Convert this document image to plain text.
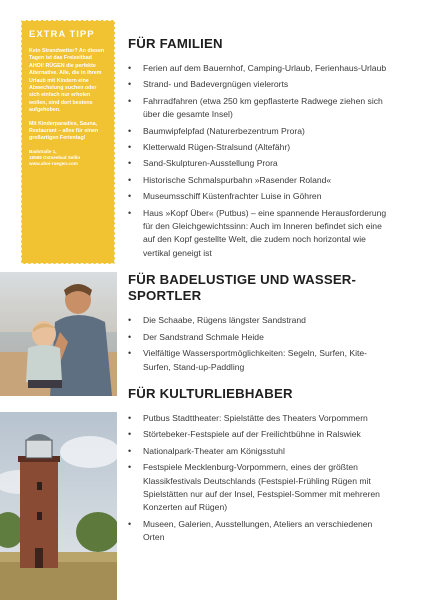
EXTRA TIPP

Kein Strandwetter? An diesen Tagen ist das Freizeitbad AHOI! RÜGEN die perfekte Alternative. Alle, die in ihrem Urlaub mit Kindern eine Abwechslung suchen oder sich einfach nur erholen wollen, sind dort bestens aufgehoben.

Mit Kinderparadies, Sauna, Restaurant – alles für einen großartigen Ferientag!

Badstraße 1,
18586 Ostseebad Sellin
www.ahoi-ruegen.com
FÜR FAMILIEN
• Ferien auf dem Bauernhof, Camping-Urlaub, Ferienhaus-Urlaub
• Strand- und Badevergnügen vielerorts
• Fahrradfahren (etwa 250 km gepflasterte Radwege ziehen sich über die gesamte Insel)
• Baumwipfelpfad (Naturerbezentrum Prora)
• Kletterwald Rügen-Stralsund (Altefähr)
• Sand-Skulpturen-Ausstellung Prora
• Historische Schmalspurbahn »Rasender Roland«
• Museumsschiff Küstenfrachter Luise in Göhren
• Haus »Kopf Über« (Putbus) – eine spannende Herausforderung für den Gleichgewichtssinn: Auch im Inneren befindet sich eine auf den Kopf gestellte Welt, die zudem noch horizontal wie vertikal geneigt ist
FÜR BADELUSTIGE UND WASSER-SPORTLER
• Die Schaabe, Rügens längster Sandstrand
• Der Sandstrand Schmale Heide
• Vielfältige Wassersportmöglichkeiten: Segeln, Surfen, Kite-Surfen, Stand-up-Paddling
FÜR KULTURLIEBHABER
• Putbus Stadttheater: Spielstätte des Theaters Vorpommern
• Störtebeker-Festspiele auf der Freilichtbühne in Ralswiek
• Nationalpark-Theater am Königsstuhl
• Festspiele Mecklenburg-Vorpommern, eines der größten Klassikfestivals Deutschlands (Festspiel-Frühling Rügen mit Spielstätten nur auf der Insel, Festspiel-Sommer mit mehreren Konzerten auf Rügen)
• Museen, Galerien, Ausstellungen, Ateliers an verschiedenen Orten
